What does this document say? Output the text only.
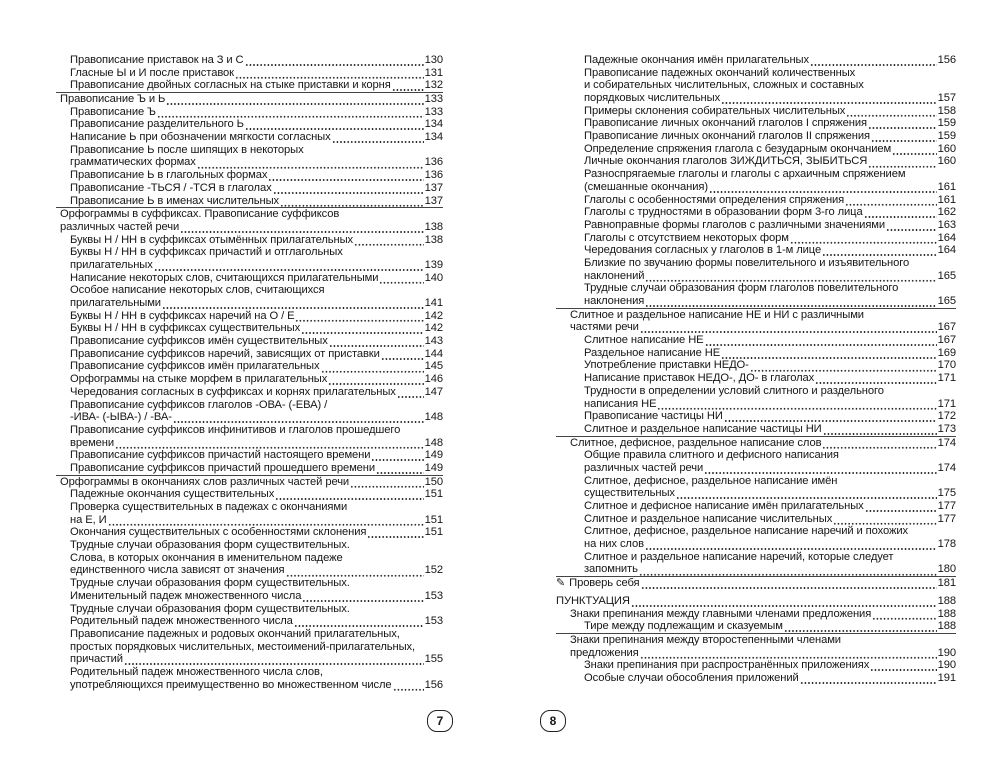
Правописание приставок на З и С	130
Гласные Ы и И после приставок	131
Правописание двойных согласных на стыке приставки и корня	132
Правописание Ъ и Ь	133
Правописание Ъ	133
Правописание разделительного Ь	134
Написание Ь при обозначении мягкости согласных	134
Правописание Ь после шипящих в некоторых
грамматических формах	136
Правописание Ь в глагольных формах	136
Правописание -ТЬСЯ / -ТСЯ в глаголах	137
Правописание Ь в именах числительных	137
Орфограммы в суффиксах. Правописание суффиксов
различных частей речи	138
Буквы Н / НН в суффиксах отымённых прилагательных	138
Буквы Н / НН в суффиксах причастий и отглагольных
прилагательных	139
Написание некоторых слов, считающихся прилагательными	140
Особое написание некоторых слов, считающихся
прилагательными	141
Буквы Н / НН в суффиксах наречий на О / Е	142
Буквы Н / НН в суффиксах существительных	142
Правописание суффиксов имён существительных	143
Правописание суффиксов наречий, зависящих от приставки	144
Правописание суффиксов имён прилагательных	145
Орфограммы на стыке морфем в прилагательных	146
Чередования согласных в суффиксах и корнях прилагательных	147
Правописание суффиксов глаголов -ОВА- (-ЕВА) /
-ИВА- (-ЫВА-) / -ВА-	148
Правописание суффиксов инфинитивов и глаголов прошедшего
времени	148
Правописание суффиксов причастий настоящего времени	149
Правописание суффиксов причастий прошедшего времени	149
Орфограммы в окончаниях слов различных частей речи	150
Падежные окончания существительных	151
Проверка существительных в падежах с окончаниями
на Е, И	151
Окончания существительных с особенностями склонения	151
Трудные случаи образования форм существительных.
Слова, в которых окончания в именительном падеже
единственного числа зависят от значения	152
Трудные случаи образования форм существительных.
Именительный падеж множественного числа	153
Трудные случаи образования форм существительных.
Родительный падеж множественного числа	153
Правописание падежных и родовых окончаний прилагательных,
простых порядковых числительных, местоимений-прилагательных,
причастий	155
Родительный падеж множественного числа слов,
употребляющихся преимущественно во множественном числе	156
Падежные окончания имён прилагательных	156
Правописание падежных окончаний количественных
и собирательных числительных, сложных и составных
порядковых числительных	157
Примеры склонения собирательных числительных	158
Правописание личных окончаний глаголов I спряжения	159
Правописание личных окончаний глаголов II спряжения	159
Определение спряжения глагола с безударным окончанием	160
Личные окончания глаголов ЗИЖДИТЬСЯ, ЗЫБИТЬСЯ	160
Разноспрягаемые глаголы и глаголы с архаичным спряжением
(смешанные окончания)	161
Глаголы с особенностями определения спряжения	161
Глаголы с трудностями в образовании форм 3-го лица	162
Равноправные формы глаголов с различными значениями	163
Глаголы с отсутствием некоторых форм	164
Чередования согласных у глаголов в 1-м лице	164
Близкие по звучанию формы повелительного и изъявительного
наклонений	165
Трудные случаи образования форм глаголов повелительного
наклонения	165
Слитное и раздельное написание НЕ и НИ с различными
частями речи	167
Слитное написание НЕ	167
Раздельное написание НЕ	169
Употребление приставки НЕДО-	170
Написание приставок НЕДО-, ДО- в глаголах	171
Трудности в определении условий слитного и раздельного
написания НЕ	171
Правописание частицы НИ	172
Слитное и раздельное написание частицы НИ	173
Слитное, дефисное, раздельное написание слов	174
Общие правила слитного и дефисного написания
различных частей речи	174
Слитное, дефисное, раздельное написание имён
существительных	175
Слитное и дефисное написание имён прилагательных	177
Слитное и раздельное написание числительных	177
Слитное, дефисное, раздельное написание наречий и похожих
на них слов	178
Слитное и раздельное написание наречий, которые следует
запомнить	180
✎ Проверь себя	181
ПУНКТУАЦИЯ	188
Знаки препинания между главными членами предложения	188
Тире между подлежащим и сказуемым	188
Знаки препинания между второстепенными членами
предложения	190
Знаки препинания при распространённых приложениях	190
Особые случаи обособления приложений	191
7	8
